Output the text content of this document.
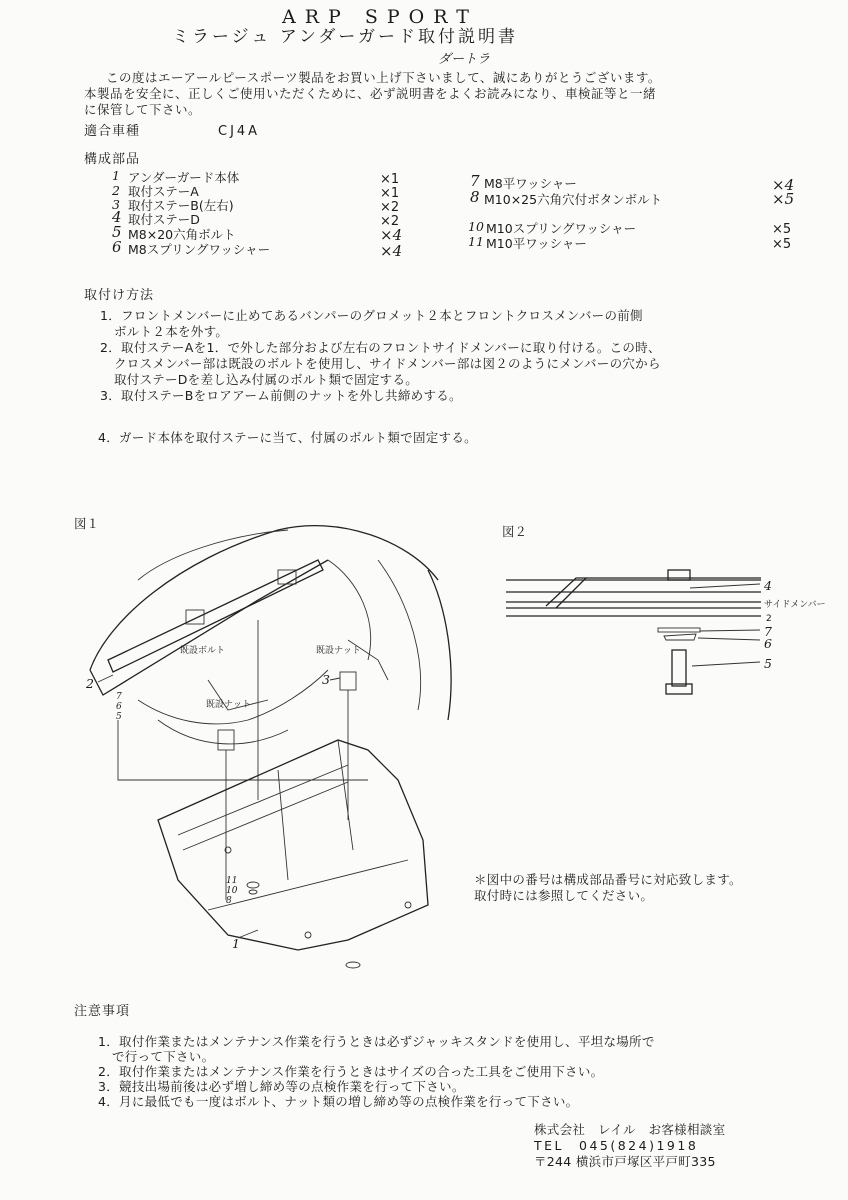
ARP SPORT
ミラージュ アンダーガード取付説明書
ダートラ
この度はエーアールピースポーツ製品をお買い上げ下さいまして、誠にありがとうございます。
本製品を安全に、正しくご使用いただくために、必ず説明書をよくお読みになり、車検証等と一緒
に保管して下さい。
適合車種	CJ4A
構成部品
1 アンダーガード本体	×1
2 取付ステーA	×1
3 取付ステーB(左右)	×2
4 取付ステーD	×2
5 M8×20六角ボルト	×4
6 M8スプリングワッシャー	×4
7 M8平ワッシャー	×4
8 M10×25六角穴付ボタンボルト	×5
10 M10スプリングワッシャー	×5
11 M10平ワッシャー	×5
取付け方法
1．フロントメンバーに止めてあるバンパーのグロメット２本とフロントクロスメンバーの前側
ボルト２本を外す。
2．取付ステーAを1．で外した部分および左右のフロントサイドメンバーに取り付ける。この時、
クロスメンバー部は既設のボルトを使用し、サイドメンバー部は図２のようにメンバーの穴から
取付ステーDを差し込み付属のボルト類で固定する。
3．取付ステーBをロアアーム前側のナットを外し共締めする。
4．ガード本体を取付ステーに当て、付属のボルト類で固定する。
図１
2	3
1
7
6
5
11
10
8
既設ボルト	既設ナット
既設ナット
図２
4
サイドメンバー
2
7
6
5
＊図中の番号は構成部品番号に対応致します。
取付時には参照してください。
注意事項
1．取付作業またはメンテナンス作業を行うときは必ずジャッキスタンドを使用し、平坦な場所で
で行って下さい。
2．取付作業またはメンテナンス作業を行うときはサイズの合った工具をご使用下さい。
3．競技出場前後は必ず増し締め等の点検作業を行って下さい。
4．月に最低でも一度はボルト、ナット類の増し締め等の点検作業を行って下さい。
株式会社　レイル　お客様相談室
TEL　045(824)1918
〒244 横浜市戸塚区平戸町335
